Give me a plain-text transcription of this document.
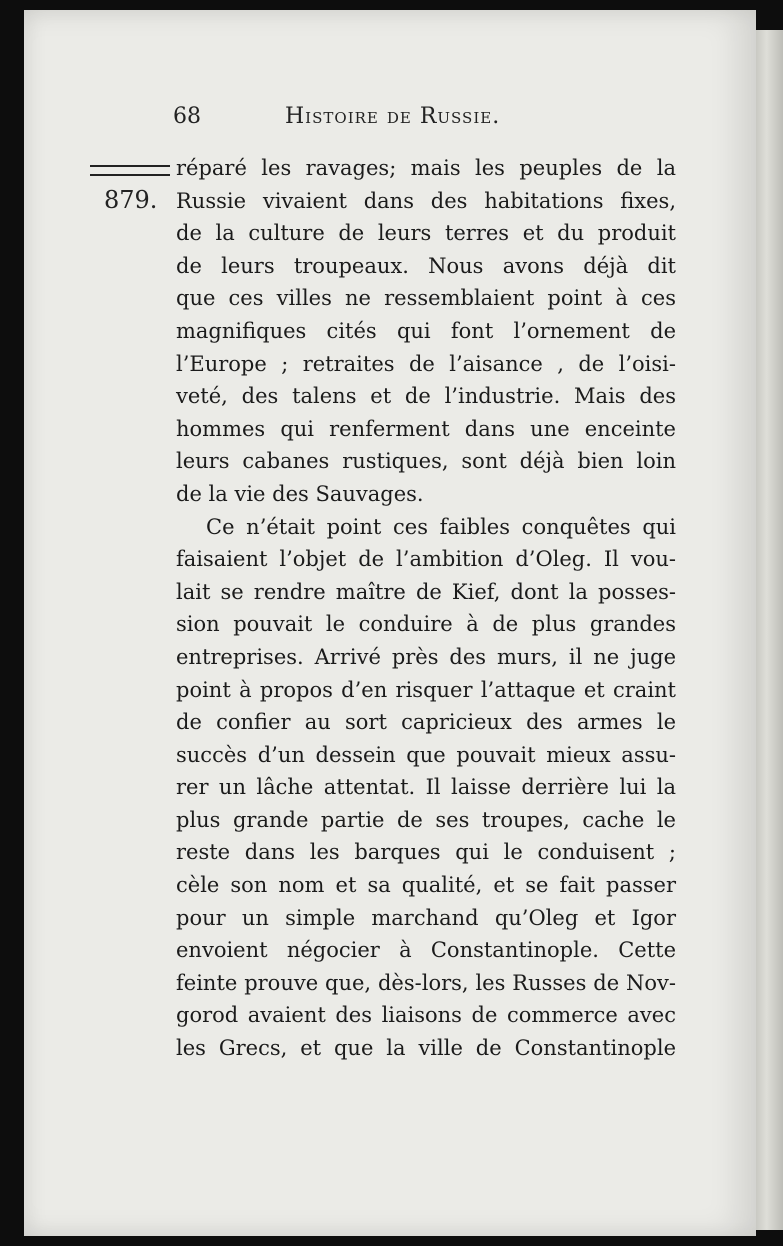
68	Histoire de Russie.
879.
réparé les ravages; mais les peuples de la
Russie vivaient dans des habitations fixes,
de la culture de leurs terres et du produit
de leurs troupeaux. Nous avons déjà dit
que ces villes ne ressemblaient point à ces
magnifiques cités qui font l’ornement de
l’Europe ; retraites de l’aisance , de l’oisi-
veté, des talens et de l’industrie. Mais des
hommes qui renferment dans une enceinte
leurs cabanes rustiques, sont déjà bien loin
de la vie des Sauvages.
Ce n’était point ces faibles conquêtes qui
faisaient l’objet de l’ambition d’Oleg. Il vou-
lait se rendre maître de Kief, dont la posses-
sion pouvait le conduire à de plus grandes
entreprises. Arrivé près des murs, il ne juge
point à propos d’en risquer l’attaque et craint
de confier au sort capricieux des armes le
succès d’un dessein que pouvait mieux assu-
rer un lâche attentat. Il laisse derrière lui la
plus grande partie de ses troupes, cache le
reste dans les barques qui le conduisent ;
cèle son nom et sa qualité, et se fait passer
pour un simple marchand qu’Oleg et Igor
envoient négocier à Constantinople. Cette
feinte prouve que, dès-lors, les Russes de Nov-
gorod avaient des liaisons de commerce avec
les Grecs, et que la ville de Constantinople
